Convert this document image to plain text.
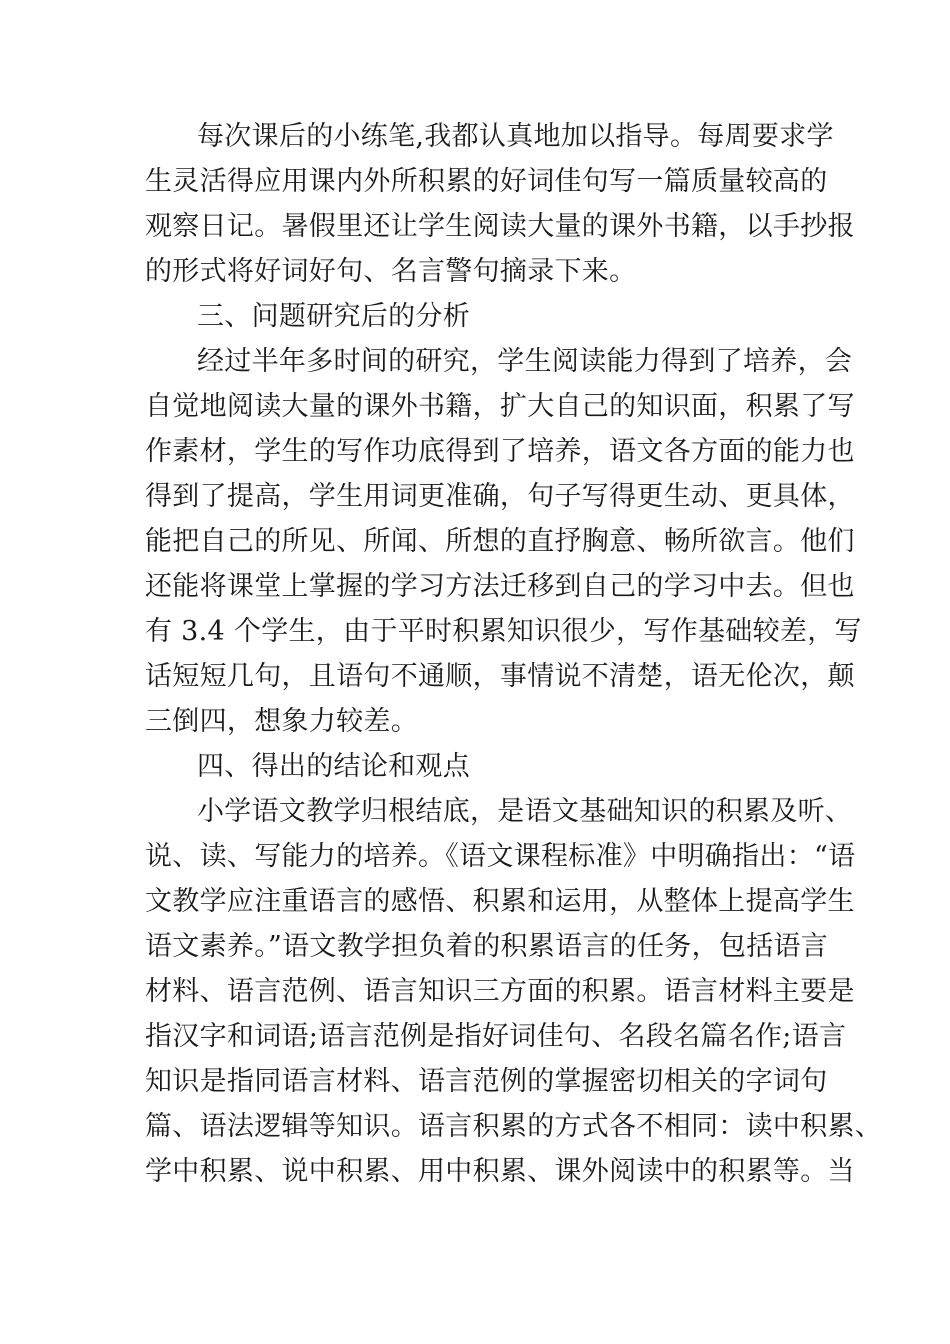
每次课后的小练笔,我都认真地加以指导。每周要求学
生灵活得应用课内外所积累的好词佳句写一篇质量较高的
观察日记。暑假里还让学生阅读大量的课外书籍，以手抄报
的形式将好词好句、名言警句摘录下来。
三、问题研究后的分析
经过半年多时间的研究，学生阅读能力得到了培养，会
自觉地阅读大量的课外书籍，扩大自己的知识面，积累了写
作素材，学生的写作功底得到了培养，语文各方面的能力也
得到了提高，学生用词更准确，句子写得更生动、更具体，
能把自己的所见、所闻、所想的直抒胸意、畅所欲言。他们
还能将课堂上掌握的学习方法迁移到自己的学习中去。但也
有 3.4 个学生，由于平时积累知识很少，写作基础较差，写
话短短几句，且语句不通顺，事情说不清楚，语无伦次，颠
三倒四，想象力较差。
四、得出的结论和观点
小学语文教学归根结底，是语文基础知识的积累及听、
说、读、写能力的培养。《语文课程标准》中明确指出：“语
文教学应注重语言的感悟、积累和运用，从整体上提高学生
语文素养。”语文教学担负着的积累语言的任务，包括语言
材料、语言范例、语言知识三方面的积累。语言材料主要是
指汉字和词语;语言范例是指好词佳句、名段名篇名作;语言
知识是指同语言材料、语言范例的掌握密切相关的字词句
篇、语法逻辑等知识。语言积累的方式各不相同：读中积累、
学中积累、说中积累、用中积累、课外阅读中的积累等。当
